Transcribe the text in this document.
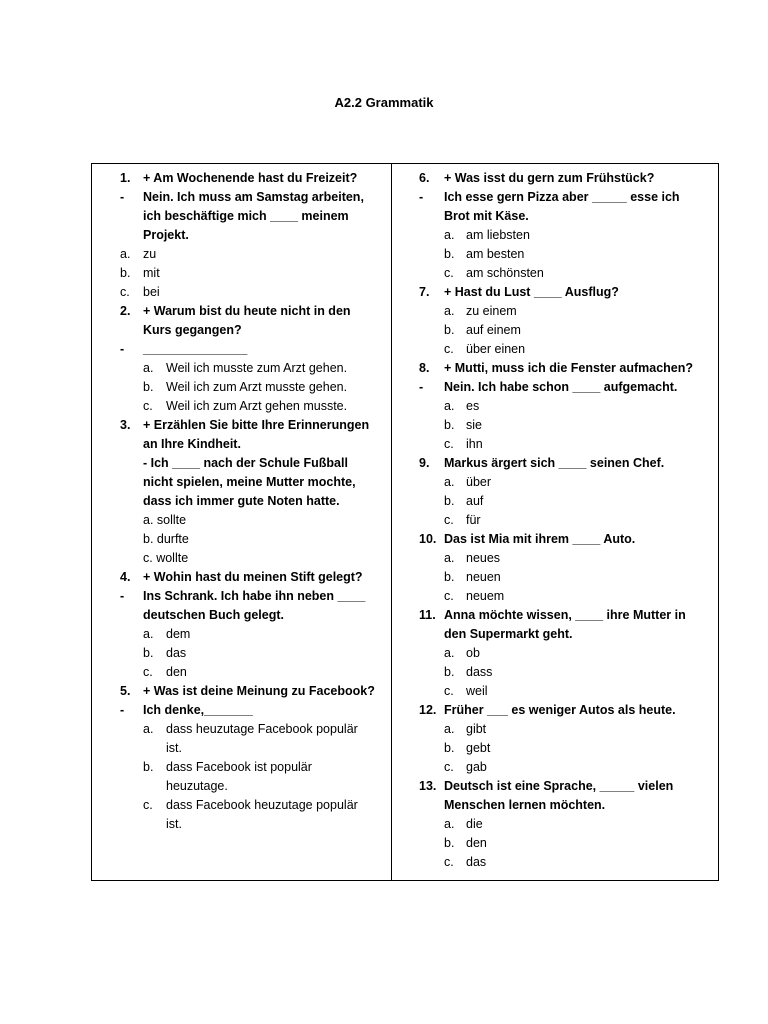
A2.2 Grammatik
1. + Am Wochenende hast du Freizeit?
- Nein. Ich muss am Samstag arbeiten,
ich beschäftige mich ____ meinem
Projekt.
a. zu
b. mit
c. bei
2. + Warum bist du heute nicht in den
Kurs gegangen?
- _______________
a. Weil ich musste zum Arzt gehen.
b. Weil ich zum Arzt musste gehen.
c. Weil ich zum Arzt gehen musste.
3. + Erzählen Sie bitte Ihre Erinnerungen
an Ihre Kindheit.
- Ich ____ nach der Schule Fußball
nicht spielen, meine Mutter mochte,
dass ich immer gute Noten hatte.
a. sollte
b. durfte
c. wollte
4. + Wohin hast du meinen Stift gelegt?
- Ins Schrank. Ich habe ihn neben ____
deutschen Buch gelegt.
a. dem
b. das
c. den
5. + Was ist deine Meinung zu Facebook?
- Ich denke,_______
a. dass heuzutage Facebook populär
ist.
b. dass Facebook ist populär
heuzutage.
c. dass Facebook heuzutage populär
ist.
6. + Was isst du gern zum Frühstück?
- Ich esse gern Pizza aber _____ esse ich
Brot mit Käse.
a. am liebsten
b. am besten
c. am schönsten
7. + Hast du Lust ____ Ausflug?
a. zu einem
b. auf einem
c. über einen
8. + Mutti, muss ich die Fenster aufmachen?
- Nein. Ich habe schon ____ aufgemacht.
a. es
b. sie
c. ihn
9. Markus ärgert sich ____ seinen Chef.
a. über
b. auf
c. für
10. Das ist Mia mit ihrem ____ Auto.
a. neues
b. neuen
c. neuem
11. Anna möchte wissen, ____ ihre Mutter in
den Supermarkt geht.
a. ob
b. dass
c. weil
12. Früher ___ es weniger Autos als heute.
a. gibt
b. gebt
c. gab
13. Deutsch ist eine Sprache, _____ vielen
Menschen lernen möchten.
a. die
b. den
c. das
